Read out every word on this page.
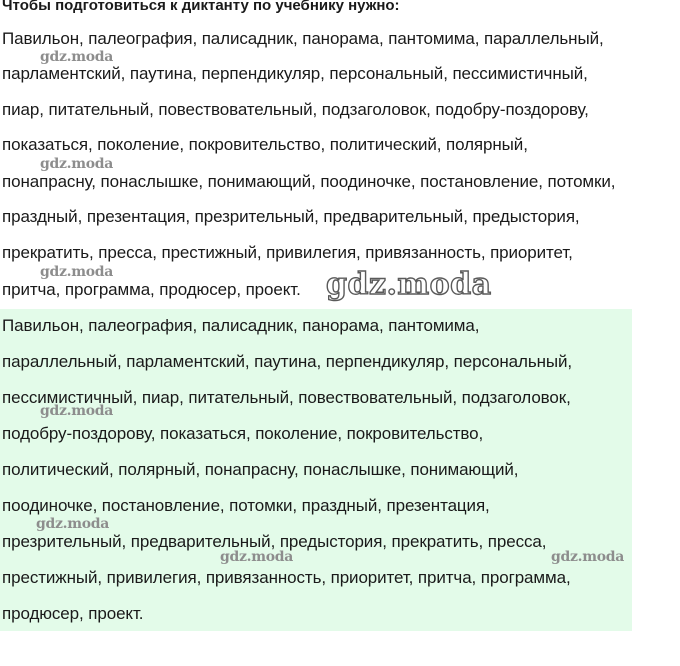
Чтобы подготовиться к диктанту по учебнику нужно:
Павильон, палеография, палисадник, панорама, пантомима, параллельный,
парламентский, паутина, перпендикуляр, персональный, пессимистичный,
пиар, питательный, повествовательный, подзаголовок, подобру-поздорову,
показаться, поколение, покровительство, политический, полярный,
понапрасну, понаслышке, понимающий, поодиночке, постановление, потомки,
праздный, презентация, презрительный, предварительный, предыстория,
прекратить, пресса, престижный, привилегия, привязанность, приоритет,
притча, программа, продюсер, проект.
Павильон, палеография, палисадник, панорама, пантомима,
параллельный, парламентский, паутина, перпендикуляр, персональный,
пессимистичный, пиар, питательный, повествовательный, подзаголовок,
подобру-поздорову, показаться, поколение, покровительство,
политический, полярный, понапрасну, понаслышке, понимающий,
поодиночке, постановление, потомки, праздный, презентация,
презрительный, предварительный, предыстория, прекратить, пресса,
престижный, привилегия, привязанность, приоритет, притча, программа,
продюсер, проект.
gdz.moda
gdz.moda
gdz.moda
gdz.moda
gdz.moda
gdz.moda	gdz.moda
gdz.moda
